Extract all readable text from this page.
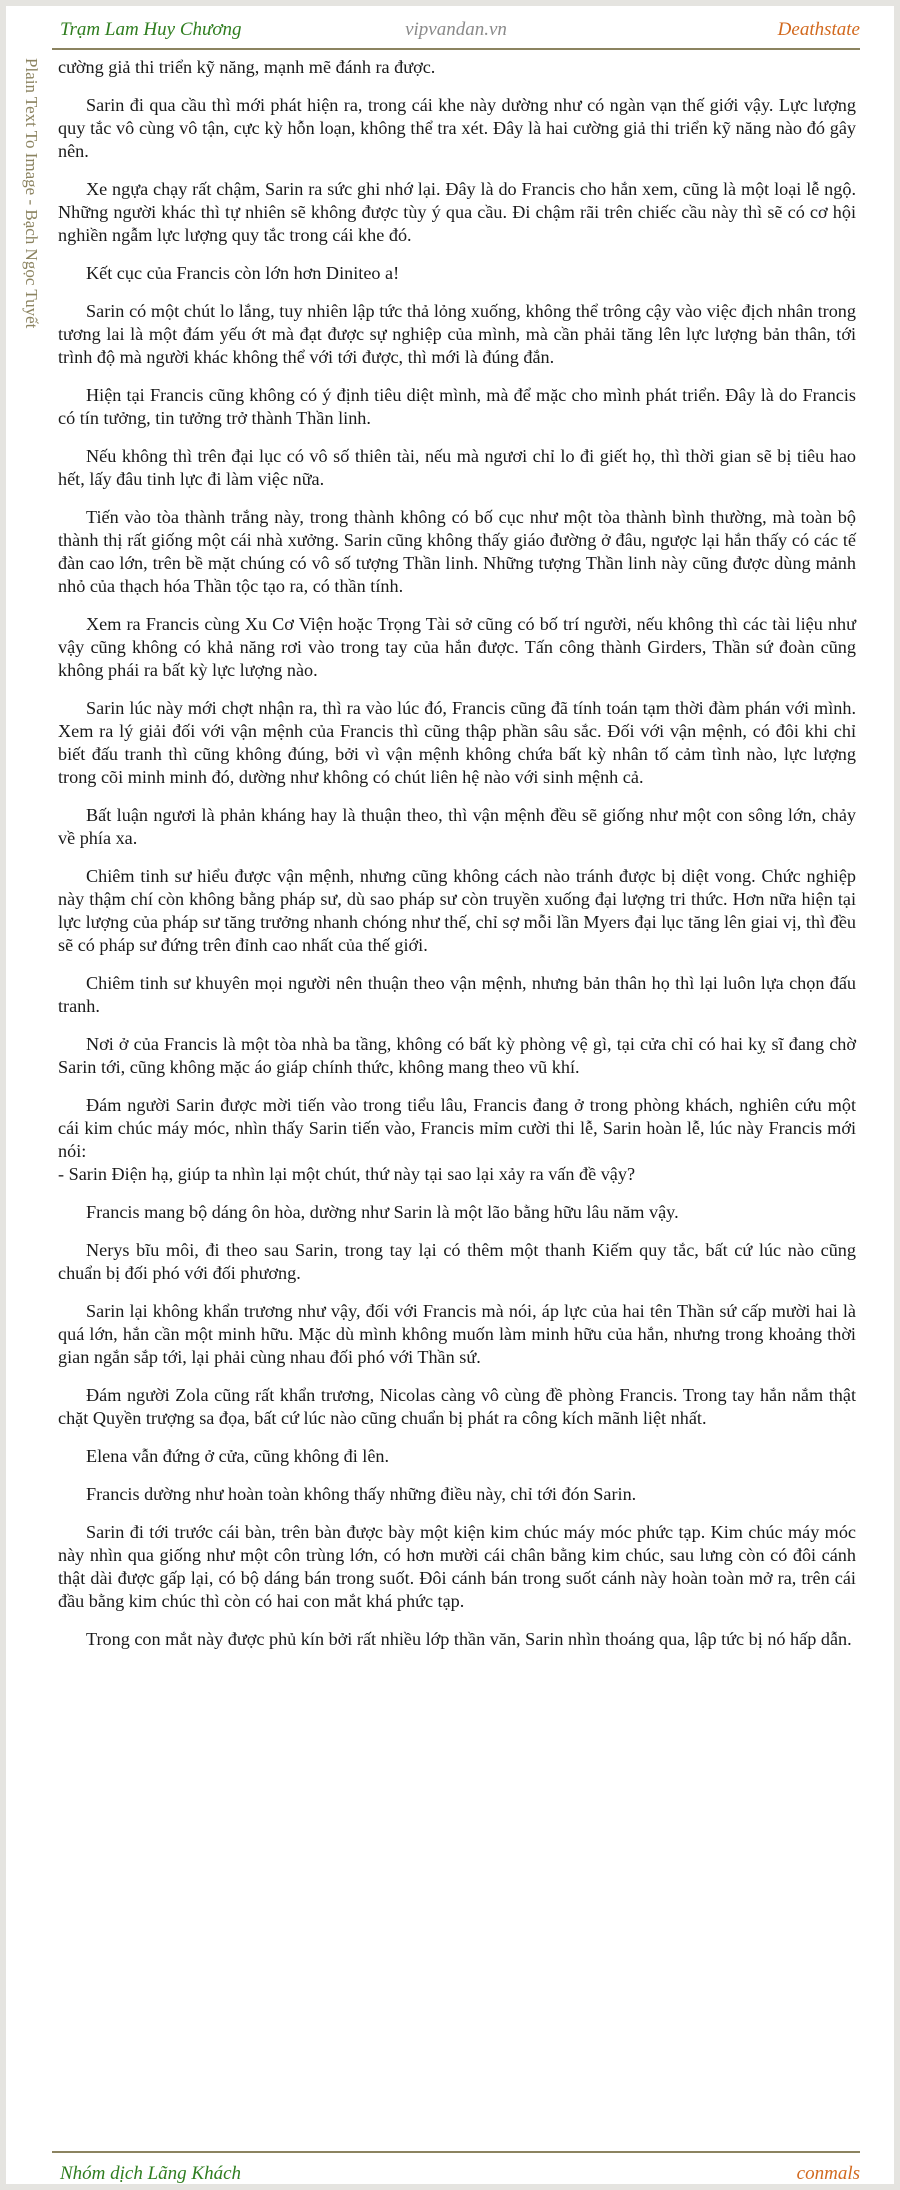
Trạm Lam Huy Chương	vipvandan.vn	Deathstate
Plain Text To Image - Bạch Ngọc Tuyết cường giả thi triển kỹ năng, mạnh mẽ đánh ra được.

Sarin đi qua cầu thì mới phát hiện ra, trong cái khe này dường như có ngàn vạn thế giới vậy. Lực lượng quy tắc vô cùng vô tận, cực kỳ hỗn loạn, không thể tra xét. Đây là hai cường giả thi triển kỹ năng nào đó gây nên.

Xe ngựa chạy rất chậm, Sarin ra sức ghi nhớ lại. Đây là do Francis cho hắn xem, cũng là một loại lễ ngộ. Những người khác thì tự nhiên sẽ không được tùy ý qua cầu. Đi chậm rãi trên chiếc cầu này thì sẽ có cơ hội nghiền ngẫm lực lượng quy tắc trong cái khe đó.

Kết cục của Francis còn lớn hơn Diniteo a!

Sarin có một chút lo lắng, tuy nhiên lập tức thả lỏng xuống, không thể trông cậy vào việc địch nhân trong tương lai là một đám yếu ớt mà đạt được sự nghiệp của mình, mà cần phải tăng lên lực lượng bản thân, tới trình độ mà người khác không thể với tới được, thì mới là đúng đắn.

Hiện tại Francis cũng không có ý định tiêu diệt mình, mà để mặc cho mình phát triển. Đây là do Francis có tín tưởng, tin tưởng trở thành Thần linh.

Nếu không thì trên đại lục có vô số thiên tài, nếu mà ngươi chỉ lo đi giết họ, thì thời gian sẽ bị tiêu hao hết, lấy đâu tinh lực đi làm việc nữa.

Tiến vào tòa thành trắng này, trong thành không có bố cục như một tòa thành bình thường, mà toàn bộ thành thị rất giống một cái nhà xưởng. Sarin cũng không thấy giáo đường ở đâu, ngược lại hắn thấy có các tế đàn cao lớn, trên bề mặt chúng có vô số tượng Thần linh. Những tượng Thần linh này cũng được dùng mảnh nhỏ của thạch hóa Thần tộc tạo ra, có thần tính.

Xem ra Francis cùng Xu Cơ Viện hoặc Trọng Tài sở cũng có bố trí người, nếu không thì các tài liệu như vậy cũng không có khả năng rơi vào trong tay của hắn được. Tấn công thành Girders, Thần sứ đoàn cũng không phái ra bất kỳ lực lượng nào.

Sarin lúc này mới chợt nhận ra, thì ra vào lúc đó, Francis cũng đã tính toán tạm thời đàm phán với mình. Xem ra lý giải đối với vận mệnh của Francis thì cũng thập phần sâu sắc. Đối với vận mệnh, có đôi khi chỉ biết đấu tranh thì cũng không đúng, bởi vì vận mệnh không chứa bất kỳ nhân tố cảm tình nào, lực lượng trong cõi minh minh đó, dường như không có chút liên hệ nào với sinh mệnh cả.

Bất luận ngươi là phản kháng hay là thuận theo, thì vận mệnh đều sẽ giống như một con sông lớn, chảy về phía xa.

Chiêm tinh sư hiểu được vận mệnh, nhưng cũng không cách nào tránh được bị diệt vong. Chức nghiệp này thậm chí còn không bằng pháp sư, dù sao pháp sư còn truyền xuống đại lượng tri thức. Hơn nữa hiện tại lực lượng của pháp sư tăng trưởng nhanh chóng như thế, chỉ sợ mỗi lần Myers đại lục tăng lên giai vị, thì đều sẽ có pháp sư đứng trên đỉnh cao nhất của thế giới.

Chiêm tinh sư khuyên mọi người nên thuận theo vận mệnh, nhưng bản thân họ thì lại luôn lựa chọn đấu tranh.

Nơi ở của Francis là một tòa nhà ba tầng, không có bất kỳ phòng vệ gì, tại cửa chỉ có hai kỵ sĩ đang chờ Sarin tới, cũng không mặc áo giáp chính thức, không mang theo vũ khí.

Đám người Sarin được mời tiến vào trong tiểu lâu, Francis đang ở trong phòng khách, nghiên cứu một cái kim chúc máy móc, nhìn thấy Sarin tiến vào, Francis mỉm cười thi lễ, Sarin hoàn lễ, lúc này Francis mới nói:

- Sarin Điện hạ, giúp ta nhìn lại một chút, thứ này tại sao lại xảy ra vấn đề vậy?

Francis mang bộ dáng ôn hòa, dường như Sarin là một lão bằng hữu lâu năm vậy.

Nerys bĩu môi, đi theo sau Sarin, trong tay lại có thêm một thanh Kiếm quy tắc, bất cứ lúc nào cũng chuẩn bị đối phó với đối phương.

Sarin lại không khẩn trương như vậy, đối với Francis mà nói, áp lực của hai tên Thần sứ cấp mười hai là quá lớn, hắn cần một minh hữu. Mặc dù mình không muốn làm minh hữu của hắn, nhưng trong khoảng thời gian ngắn sắp tới, lại phải cùng nhau đối phó với Thần sứ.

Đám người Zola cũng rất khẩn trương, Nicolas càng vô cùng đề phòng Francis. Trong tay hắn nắm thật chặt Quyền trượng sa đọa, bất cứ lúc nào cũng chuẩn bị phát ra công kích mãnh liệt nhất.

Elena vẫn đứng ở cửa, cũng không đi lên.

Francis dường như hoàn toàn không thấy những điều này, chỉ tới đón Sarin.

Sarin đi tới trước cái bàn, trên bàn được bày một kiện kim chúc máy móc phức tạp. Kim chúc máy móc này nhìn qua giống như một côn trùng lớn, có hơn mười cái chân bằng kim chúc, sau lưng còn có đôi cánh thật dài được gấp lại, có bộ dáng bán trong suốt. Đôi cánh bán trong suốt cánh này hoàn toàn mở ra, trên cái đầu bằng kim chúc thì còn có hai con mắt khá phức tạp.

Trong con mắt này được phủ kín bởi rất nhiều lớp thần văn, Sarin nhìn thoáng qua, lập tức bị nó hấp dẫn.

Nhóm dịch Lãng Khách	conmals
